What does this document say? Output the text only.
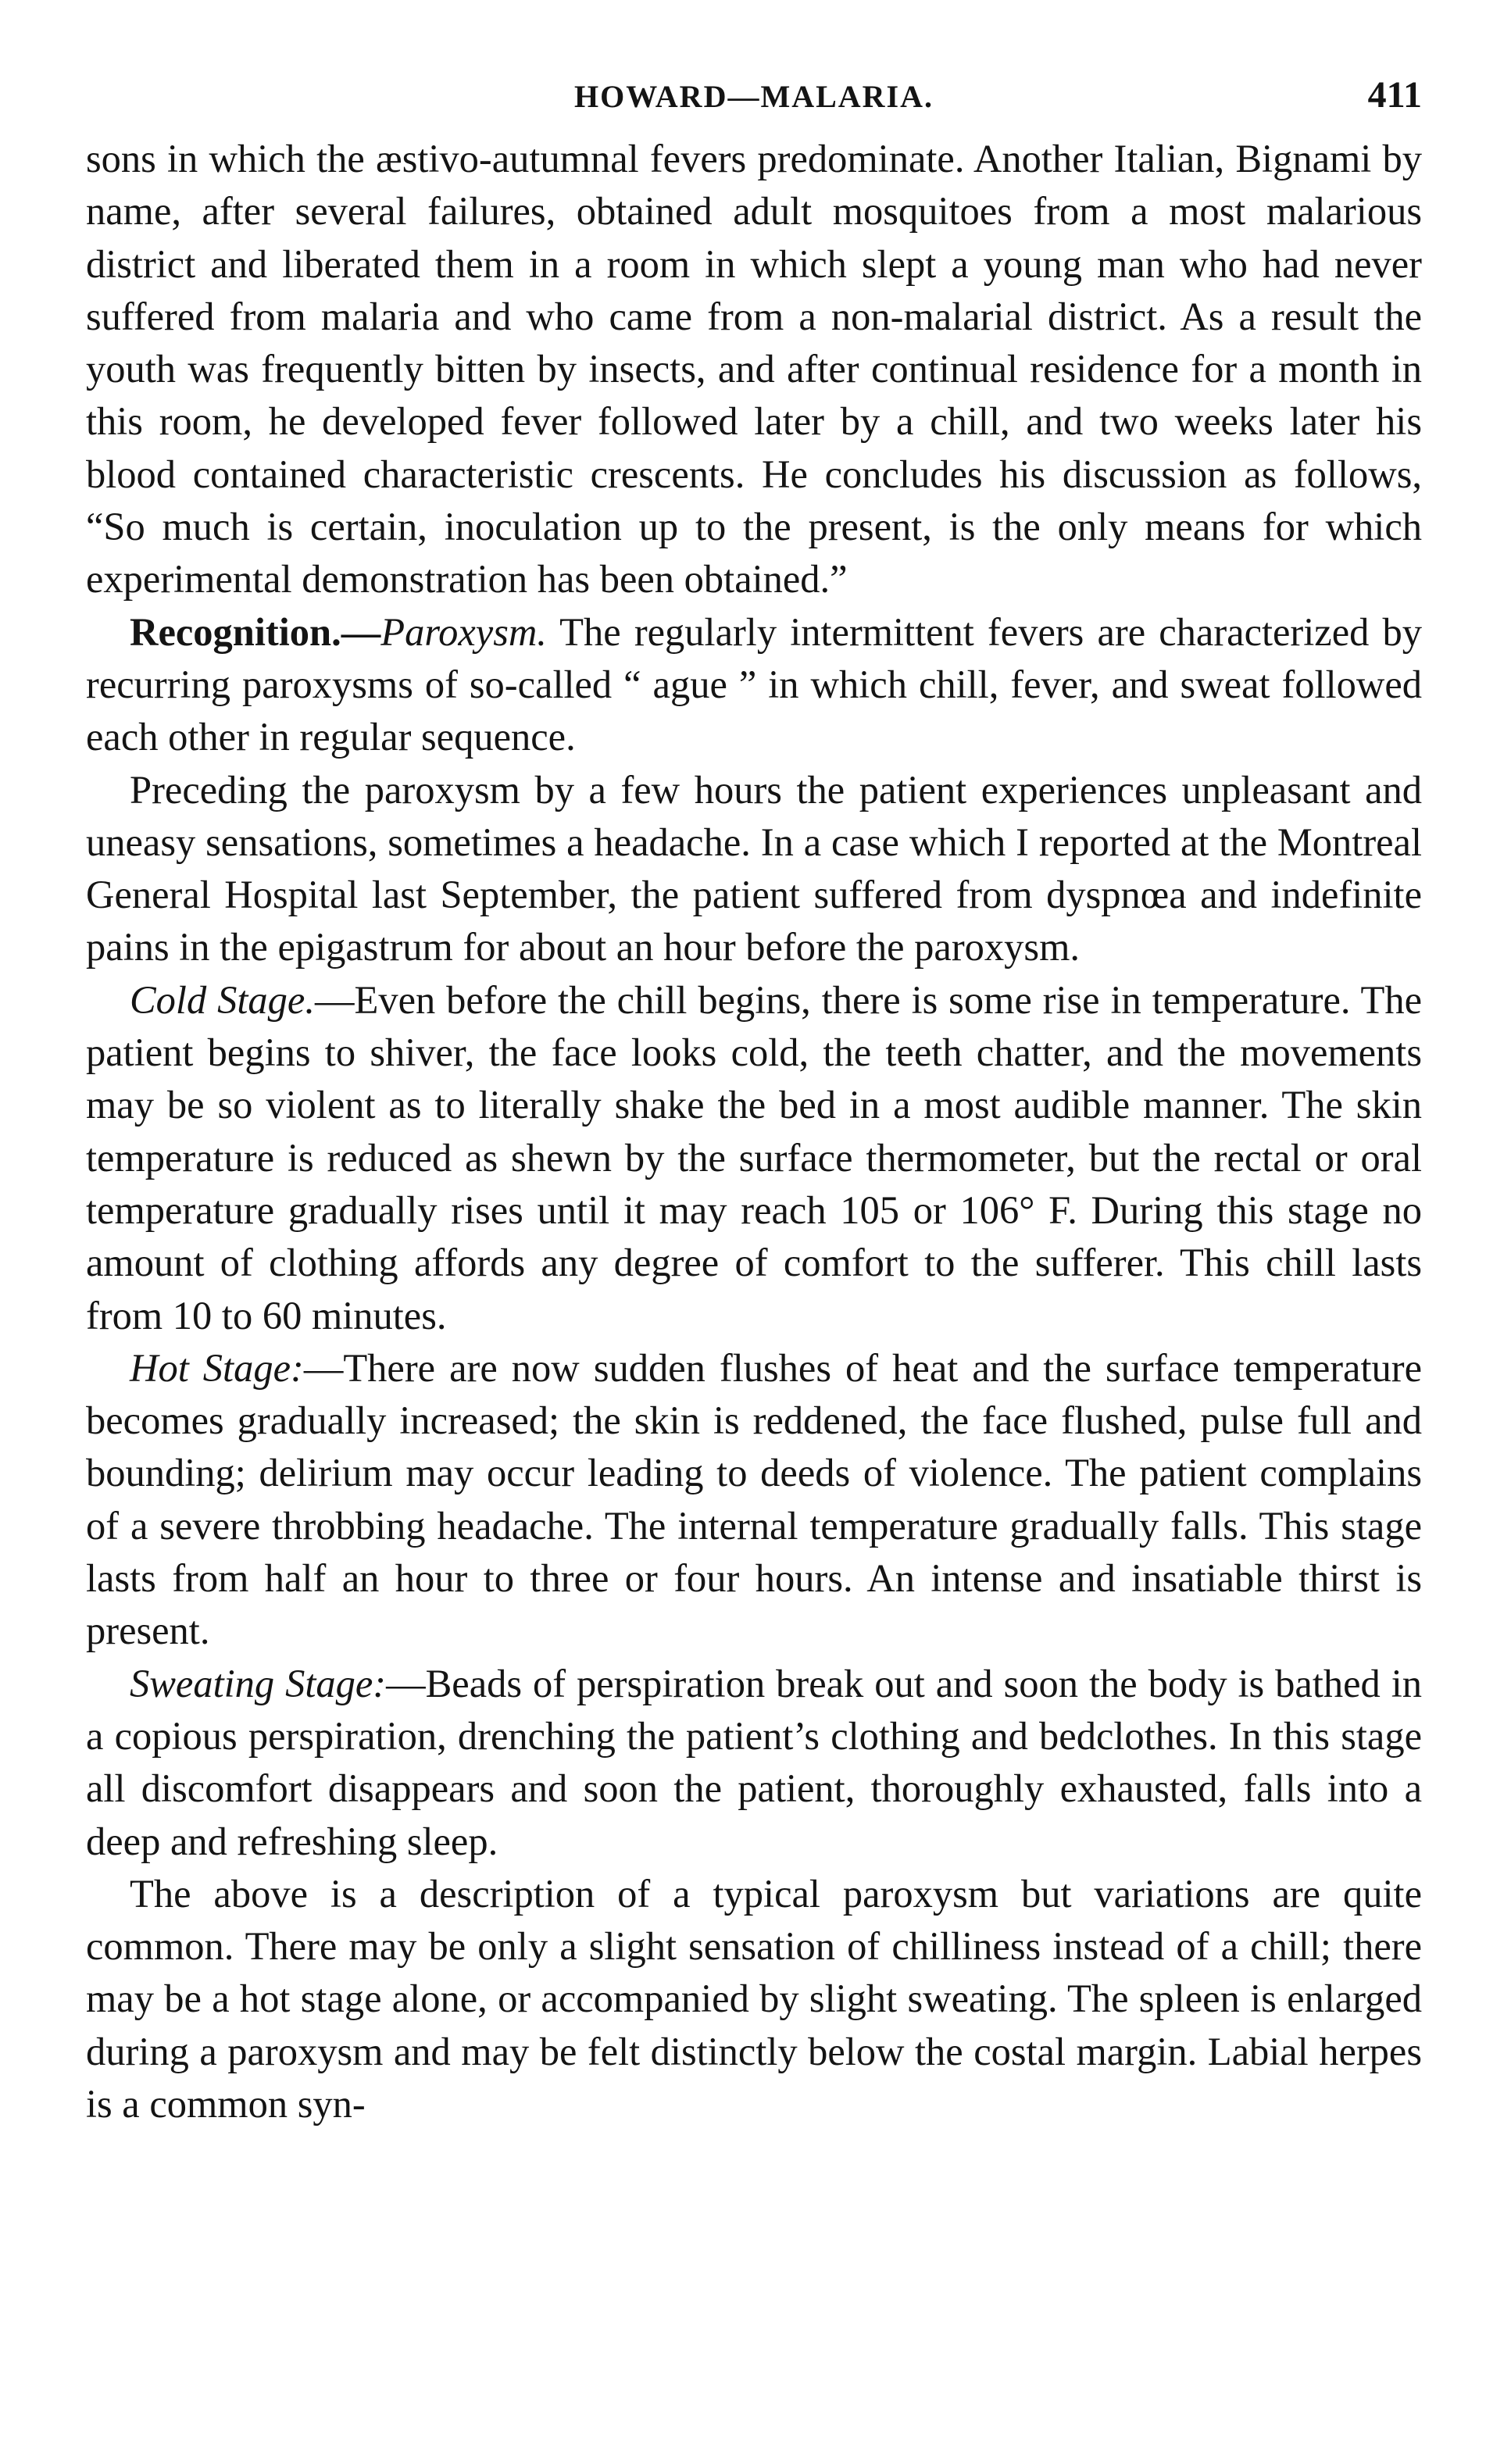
HOWARD—MALARIA.	411

sons in which the æstivo-autumnal fevers predominate. Another Italian, Bignami by name, after several failures, obtained adult mosquitoes from a most malarious district and liberated them in a room in which slept a young man who had never suffered from malaria and who came from a non-malarial district. As a result the youth was frequently bitten by insects, and after continual residence for a month in this room, he developed fever followed later by a chill, and two weeks later his blood contained characteristic crescents. He concludes his discussion as follows, “So much is certain, inoculation up to the present, is the only means for which experimental demonstration has been obtained.”

Recognition.—Paroxysm. The regularly intermittent fevers are characterized by recurring paroxysms of so-called “ ague ” in which chill, fever, and sweat followed each other in regular sequence.

Preceding the paroxysm by a few hours the patient experiences unpleasant and uneasy sensations, sometimes a headache. In a case which I reported at the Montreal General Hospital last September, the patient suffered from dyspnœa and indefinite pains in the epigastrum for about an hour before the paroxysm.

Cold Stage.—Even before the chill begins, there is some rise in temperature. The patient begins to shiver, the face looks cold, the teeth chatter, and the movements may be so violent as to literally shake the bed in a most audible manner. The skin temperature is reduced as shewn by the surface thermometer, but the rectal or oral temperature gradually rises until it may reach 105 or 106° F. During this stage no amount of clothing affords any degree of comfort to the sufferer. This chill lasts from 10 to 60 minutes.

Hot Stage:—There are now sudden flushes of heat and the surface temperature becomes gradually increased; the skin is reddened, the face flushed, pulse full and bounding; delirium may occur leading to deeds of violence. The patient complains of a severe throbbing headache. The internal temperature gradually falls. This stage lasts from half an hour to three or four hours. An intense and insatiable thirst is present.

Sweating Stage:—Beads of perspiration break out and soon the body is bathed in a copious perspiration, drenching the patient’s clothing and bedclothes. In this stage all discomfort disappears and soon the patient, thoroughly exhausted, falls into a deep and refreshing sleep.

The above is a description of a typical paroxysm but variations are quite common. There may be only a slight sensation of chilliness instead of a chill; there may be a hot stage alone, or accompanied by slight sweating. The spleen is enlarged during a paroxysm and may be felt distinctly below the costal margin. Labial herpes is a common syn-
